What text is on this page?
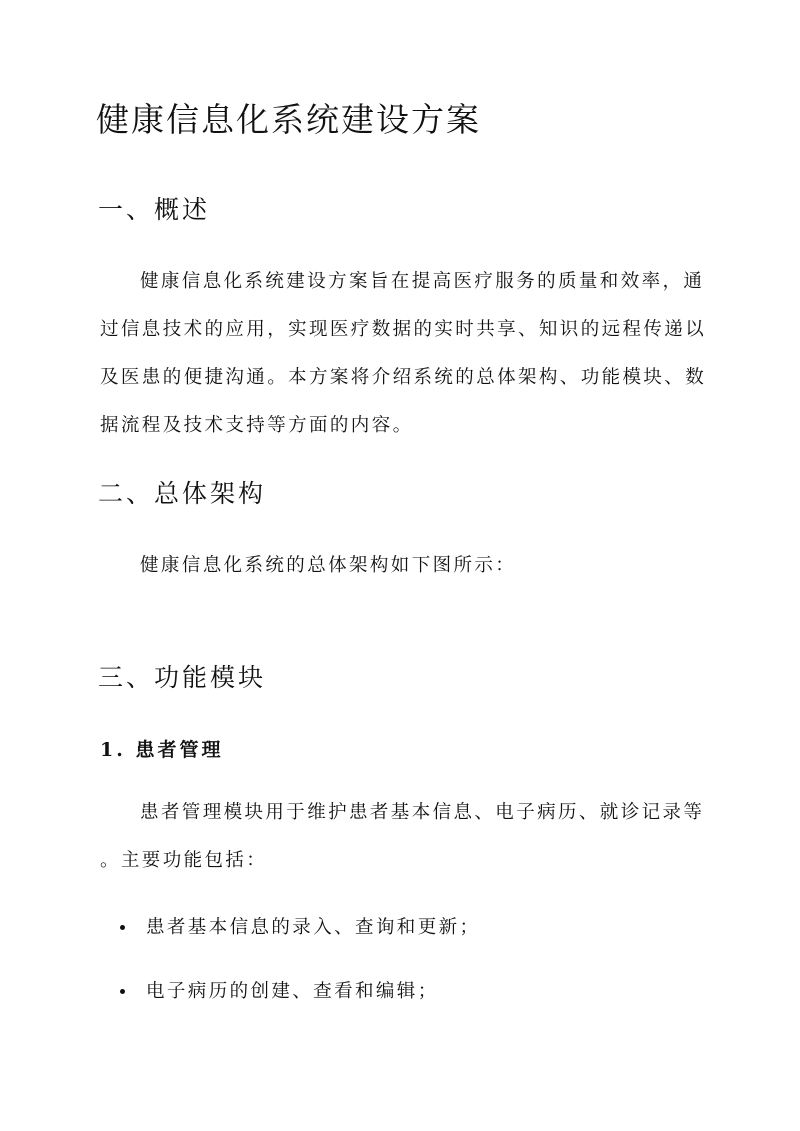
健康信息化系统建设方案
一、概述
健康信息化系统建设方案旨在提高医疗服务的质量和效率，通
过信息技术的应用，实现医疗数据的实时共享、知识的远程传递以
及医患的便捷沟通。本方案将介绍系统的总体架构、功能模块、数
据流程及技术支持等方面的内容。
二、总体架构
健康信息化系统的总体架构如下图所示：
三、功能模块
1. 患者管理
患者管理模块用于维护患者基本信息、电子病历、就诊记录等
。主要功能包括：
患者基本信息的录入、查询和更新；
电子病历的创建、查看和编辑；
